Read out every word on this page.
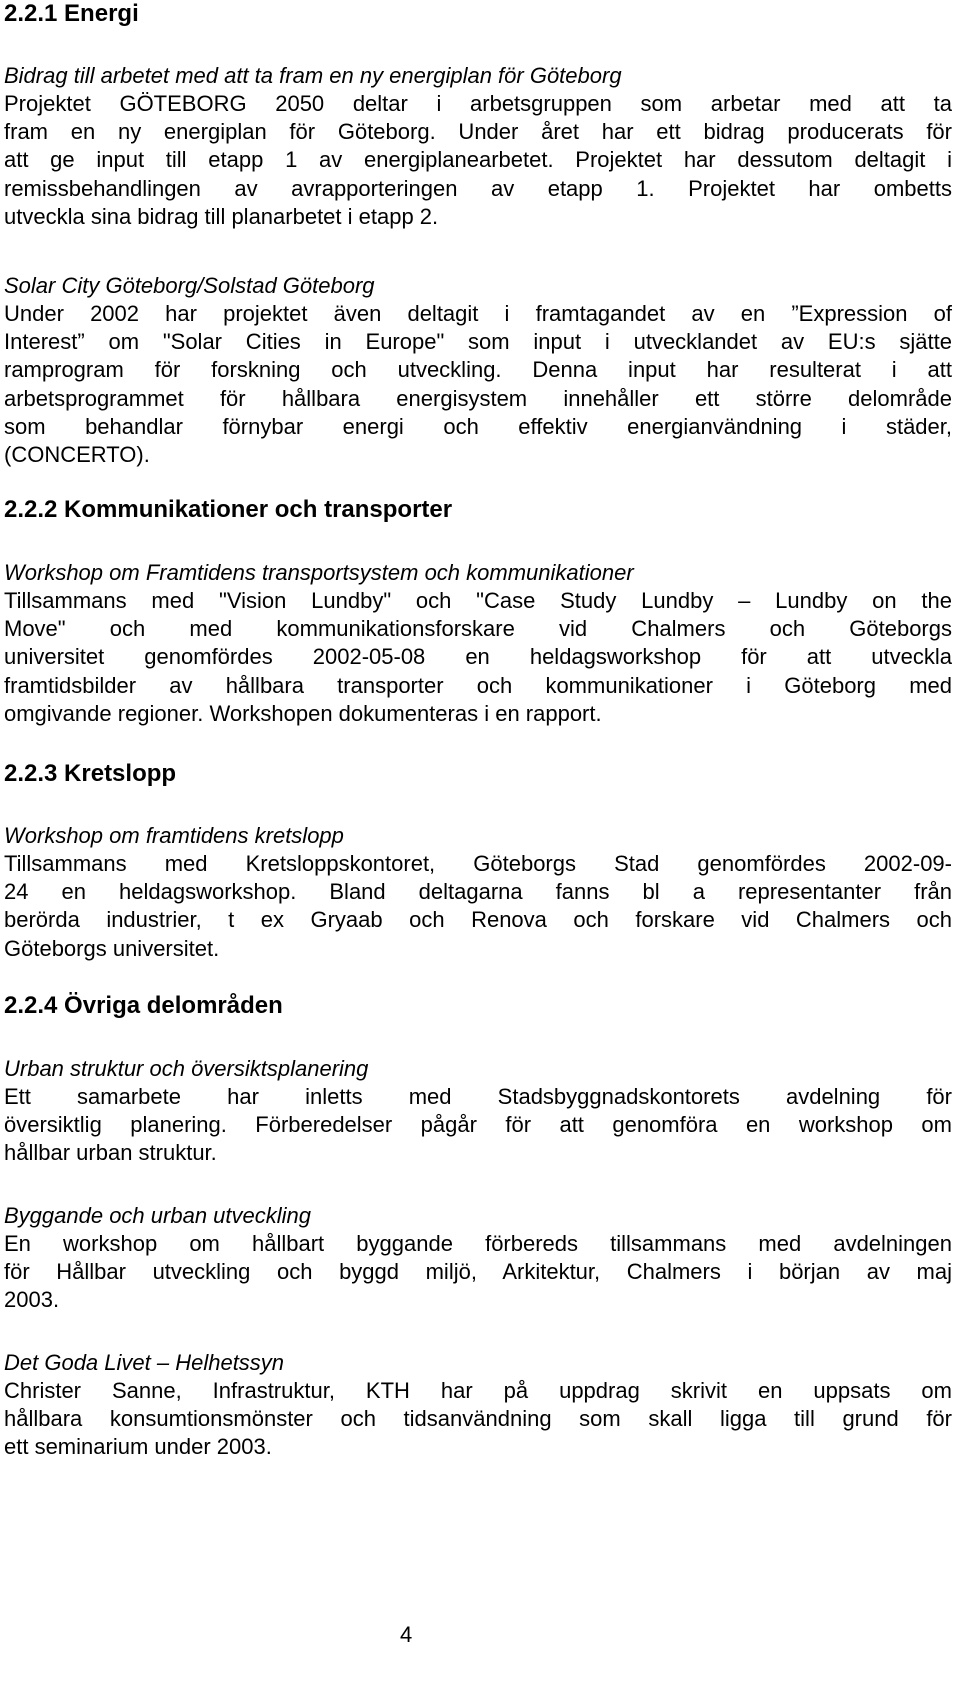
2.2.1 Energi

Bidrag till arbetet med att ta fram en ny energiplan för Göteborg

Projektet GÖTEBORG 2050 deltar i arbetsgruppen som arbetar med att ta
fram en ny energiplan för Göteborg. Under året har ett bidrag producerats för
att ge input till etapp 1 av energiplanearbetet. Projektet har dessutom deltagit i
remissbehandlingen av avrapporteringen av etapp 1. Projektet har ombetts
utveckla sina bidrag till planarbetet i etapp 2.

Solar City Göteborg/Solstad Göteborg

Under 2002 har projektet även deltagit i framtagandet av en ”Expression of
Interest” om "Solar Cities in Europe" som input i utvecklandet av EU:s sjätte
ramprogram för forskning och utveckling. Denna input har resulterat i att
arbetsprogrammet för hållbara energisystem innehåller ett större delområde
som behandlar förnybar energi och effektiv energianvändning i städer,
(CONCERTO).

2.2.2 Kommunikationer och transporter

Workshop om Framtidens transportsystem och kommunikationer

Tillsammans med "Vision Lundby" och "Case Study Lundby – Lundby on the
Move" och med kommunikationsforskare vid Chalmers och Göteborgs
universitet genomfördes 2002-05-08 en heldagsworkshop för att utveckla
framtidsbilder av hållbara transporter och kommunikationer i Göteborg med
omgivande regioner. Workshopen dokumenteras i en rapport.

2.2.3 Kretslopp

Workshop om framtidens kretslopp

Tillsammans med Kretsloppskontoret, Göteborgs Stad genomfördes 2002-09-
24 en heldagsworkshop. Bland deltagarna fanns bl a representanter från
berörda industrier, t ex Gryaab och Renova och forskare vid Chalmers och
Göteborgs universitet.

2.2.4 Övriga delområden

Urban struktur och översiktsplanering

Ett samarbete har inletts med Stadsbyggnadskontorets avdelning för
översiktlig planering. Förberedelser pågår för att genomföra en workshop om
hållbar urban struktur.

Byggande och urban utveckling

En workshop om hållbart byggande förbereds tillsammans med avdelningen
för Hållbar utveckling och byggd miljö, Arkitektur, Chalmers i början av maj
2003.

Det Goda Livet – Helhetssyn

Christer Sanne, Infrastruktur, KTH har på uppdrag skrivit en uppsats om
hållbara konsumtionsmönster och tidsanvändning som skall ligga till grund för
ett seminarium under 2003.

4
